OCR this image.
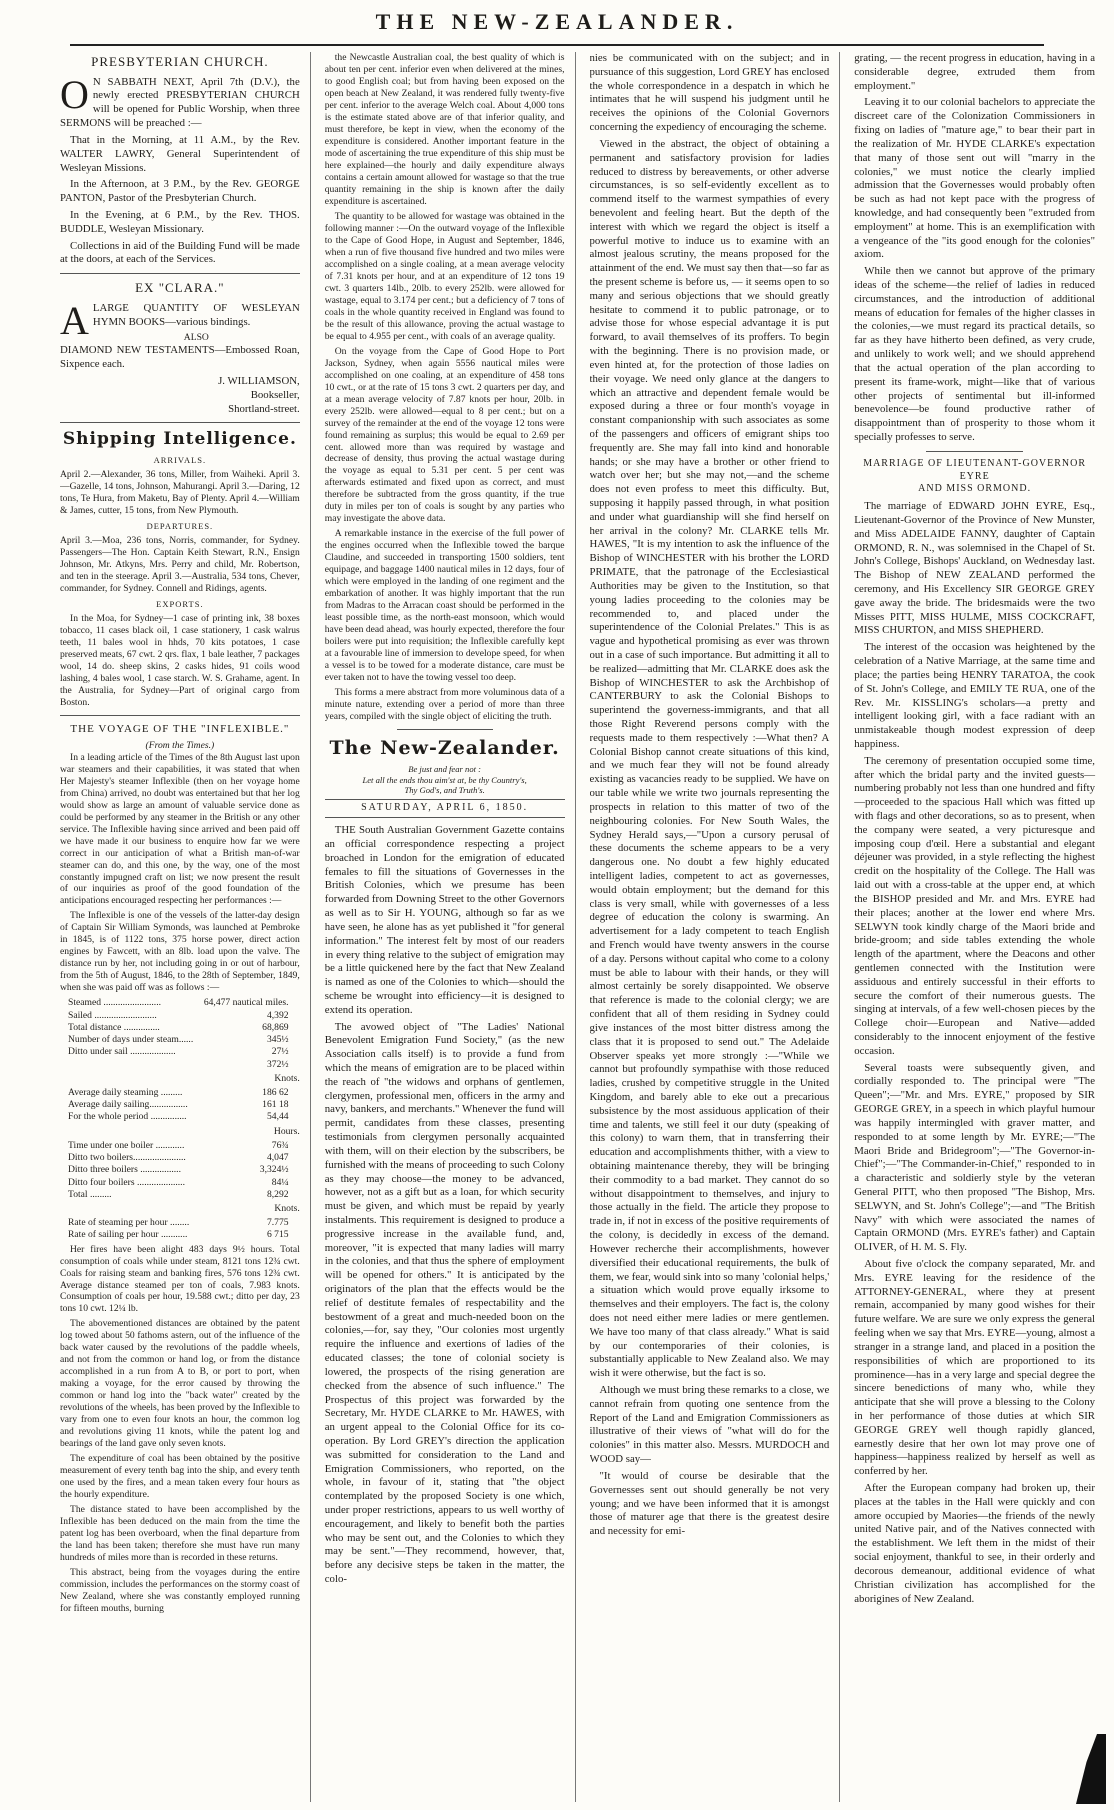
THE NEW-ZEALANDER.
PRESBYTERIAN CHURCH.

O N SABBATH NEXT, April 7th (D.V.), the newly erected PRESBYTERIAN CHURCH will be opened for Public Worship, when three SERMONS will be preached :—

That in the Morning, at 11 A.M., by the Rev. WALTER LAWRY, General Superintendent of Wesleyan Missions.

In the Afternoon, at 3 P.M., by the Rev. GEORGE PANTON, Pastor of the Presbyterian Church.

In the Evening, at 6 P.M., by the Rev. THOS. BUDDLE, Wesleyan Missionary.

Collections in aid of the Building Fund will be made at the doors, at each of the Services.

EX "CLARA."

ALARGE QUANTITY OF WESLEYAN HYMN BOOKS—various bindings.

ALSO

DIAMOND NEW TESTAMENTS—Embossed Roan, Sixpence each.

J. WILLIAMSON,
Bookseller,
Shortland-street.
Shipping Intelligence.
ARRIVALS.

April 2.—Alexander, 36 tons, Miller, from Waiheki. April 3.—Gazelle, 14 tons, Johnson, Mahurangi. April 3.—Daring, 12 tons, Te Hura, from Maketu, Bay of Plenty. April 4.—William & James, cutter, 15 tons, from New Plymouth.

DEPARTURES.

April 3.—Moa, 236 tons, Norris, commander, for Sydney. Passengers—The Hon. Captain Keith Stewart, R.N., Ensign Johnson, Mr. Atkyns, Mrs. Perry and child, Mr. Robertson, and ten in the steerage. April 3.—Australia, 534 tons, Chever, commander, for Sydney. Connell and Ridings, agents.

EXPORTS.

In the Moa, for Sydney—1 case of printing ink, 38 boxes tobacco, 11 cases black oil, 1 case stationery, 1 cask walrus teeth, 11 bales wool in hhds, 70 kits potatoes, 1 case preserved meats, 67 cwt. 2 qrs. flax, 1 bale leather, 7 packages wool, 14 do. sheep skins, 2 casks hides, 91 coils wood lashing, 4 bales wool, 1 case starch. W. S. Grahame, agent. In the Australia, for Sydney—Part of original cargo from Boston.

THE VOYAGE OF THE "INFLEXIBLE."
(From the Times.)

In a leading article of the Times of the 8th August last upon war steamers and their capabilities, it was stated that when Her Majesty's steamer Inflexible (then on her voyage home from China) arrived, no doubt was entertained but that her log would show as large an amount of valuable service done as could be performed by any steamer in the British or any other service. The Inflexible having since arrived and been paid off we have made it our business to enquire how far we were correct in our anticipation of what a British man-of-war steamer can do, and this one, by the way, one of the most constantly impugned craft on list; we now present the result of our inquiries as proof of the good foundation of the anticipations encouraged respecting her performances :—

The Inflexible is one of the vessels of the latter-day design of Captain Sir William Symonds, was launched at Pembroke in 1845, is of 1122 tons, 375 horse power, direct action engines by Fawcett, with an 8lb. load upon the valve. The distance run by her, not including going in or out of harbour, from the 5th of August, 1846, to the 28th of September, 1849, when she was paid off was as follows :—

Steamed ........................	64,477 nautical miles.
Sailed ..........................	4,392
Total distance ...............	68,869
Number of days under steam......	345½
Ditto under sail ...................	27½
	372½
Knots.
Average daily steaming .........	186 62
Average daily sailing................	161 18
For the whole period ...............	54,44
Hours.
Time under one boiler ............	76¾
Ditto two boilers......................	4,047
Ditto three boilers .................	3,324½
Ditto four boilers ....................	84¼
Total .........	8,292
Knots.
Rate of steaming per hour ........	7.775
Rate of sailing per hour ...........	6 715

Her fires have been alight 483 days 9½ hours. Total consumption of coals while under steam, 8121 tons 12¾ cwt. Coals for raising steam and banking fires, 576 tons 12¾ cwt. Average distance steamed per ton of coals, 7.983 knots. Consumption of coals per hour, 19.588 cwt.; ditto per day, 23 tons 10 cwt. 12¼ lb.

The abovementioned distances are obtained by the patent log towed about 50 fathoms astern, out of the influence of the back water caused by the revolutions of the paddle wheels, and not from the common or hand log, or from the distance accomplished in a run from A to B, or port to port, when making a voyage, for the error caused by throwing the common or hand log into the "back water" created by the revolutions of the wheels, has been proved by the Inflexible to vary from one to even four knots an hour, the common log and revolutions giving 11 knots, while the patent log and bearings of the land gave only seven knots.

The expenditure of coal has been obtained by the positive measurement of every tenth bag into the ship, and every tenth one used by the fires, and a mean taken every four hours as the hourly expenditure.

The distance stated to have been accomplished by the Inflexible has been deduced on the main from the time the patent log has been overboard, when the final departure from the land has been taken; therefore she must have run many hundreds of miles more than is recorded in these returns.

This abstract, being from the voyages during the entire commission, includes the performances on the stormy coast of New Zealand, where she was constantly employed running for fifteen mouths, burning

the Newcastle Australian coal, the best quality of which is about ten per cent. inferior even when delivered at the mines, to good English coal; but from having been exposed on the open beach at New Zealand, it was rendered fully twenty-five per cent. inferior to the average Welch coal. About 4,000 tons is the estimate stated above are of that inferior quality, and must therefore, be kept in view, when the economy of the expenditure is considered. Another important feature in the mode of ascertaining the true expenditure of this ship must be here explained—the hourly and daily expenditure always contains a certain amount allowed for wastage so that the true quantity remaining in the ship is known after the daily expenditure is ascertained.

The quantity to be allowed for wastage was obtained in the following manner :—On the outward voyage of the Inflexible to the Cape of Good Hope, in August and September, 1846, when a run of five thousand five hundred and two miles were accomplished on a single coaling, at a mean average velocity of 7.31 knots per hour, and at an expenditure of 12 tons 19 cwt. 3 quarters 14lb., 20lb. to every 252lb. were allowed for wastage, equal to 3.174 per cent.; but a deficiency of 7 tons of coals in the whole quantity received in England was found to be the result of this allowance, proving the actual wastage to be equal to 4.955 per cent., with coals of an average quality.

On the voyage from the Cape of Good Hope to Port Jackson, Sydney, when again 5556 nautical miles were accomplished on one coaling, at an expenditure of 458 tons 10 cwt., or at the rate of 15 tons 3 cwt. 2 quarters per day, and at a mean average velocity of 7.87 knots per hour, 20lb. in every 252lb. were allowed—equal to 8 per cent.; but on a survey of the remainder at the end of the voyage 12 tons were found remaining as surplus; this would be equal to 2.69 per cent. allowed more than was required by wastage and decrease of density, thus proving the actual wastage during the voyage as equal to 5.31 per cent. 5 per cent was afterwards estimated and fixed upon as correct, and must therefore be subtracted from the gross quantity, if the true duty in miles per ton of coals is sought by any parties who may investigate the above data.

A remarkable instance in the exercise of the full power of the engines occurred when the Inflexible towed the barque Claudine, and succeeded in transporting 1500 soldiers, tent equipage, and baggage 1400 nautical miles in 12 days, four of which were employed in the landing of one regiment and the embarkation of another. It was highly important that the run from Madras to the Arracan coast should be performed in the least possible time, as the north-east monsoon, which would have been dead ahead, was hourly expected, therefore the four boilers were put into requisition; the Inflexible carefully kept at a favourable line of immersion to develope speed, for when a vessel is to be towed for a moderate distance, care must be ever taken not to have the towing vessel too deep.

This forms a mere abstract from more voluminous data of a minute nature, extending over a period of more than three years, compiled with the single object of eliciting the truth.

The New-Zealander.
Be just and fear not :
Let all the ends thou aim'st at, be thy Country's,
Thy God's, and Truth's.
SATURDAY, APRIL 6, 1850.

THE South Australian Government Gazette contains an official correspondence respecting a project broached in London for the emigration of educated females to fill the situations of Governesses in the British Colonies, which we presume has been forwarded from Downing Street to the other Governors as well as to Sir H. YOUNG, although so far as we have seen, he alone has as yet published it "for general information." The interest felt by most of our readers in every thing relative to the subject of emigration may be a little quickened here by the fact that New Zealand is named as one of the Colonies to which—should the scheme be wrought into efficiency—it is designed to extend its operation.

The avowed object of "The Ladies' National Benevolent Emigration Fund Society," (as the new Association calls itself) is to provide a fund from which the means of emigration are to be placed within the reach of "the widows and orphans of gentlemen, clergymen, professional men, officers in the army and navy, bankers, and merchants." Whenever the fund will permit, candidates from these classes, presenting testimonials from clergymen personally acquainted with them, will on their election by the subscribers, be furnished with the means of proceeding to such Colony as they may choose—the money to be advanced, however, not as a gift but as a loan, for which security must be given, and which must be repaid by yearly instalments. This requirement is designed to produce a progressive increase in the available fund, and, moreover, "it is expected that many ladies will marry in the colonies, and that thus the sphere of employment will be opened for others." It is anticipated by the originators of the plan that the effects would be the relief of destitute females of respectability and the bestowment of a great and much-needed boon on the colonies,—for, say they, "Our colonies most urgently require the influence and exertions of ladies of the educated classes; the tone of colonial society is lowered, the prospects of the rising generation are checked from the absence of such influence." The Prospectus of this project was forwarded by the Secretary, Mr. HYDE CLARKE to Mr. HAWES, with an urgent appeal to the Colonial Office for its co-operation. By Lord GREY's direction the application was submitted for consideration to the Land and Emigration Commissioners, who reported, on the whole, in favour of it, stating that "the object contemplated by the proposed Society is one which, under proper restrictions, appears to us well worthy of encouragement, and likely to benefit both the parties who may be sent out, and the Colonies to which they may be sent."—They recommend, however, that, before any decisive steps be taken in the matter, the colo-

nies be communicated with on the subject; and in pursuance of this suggestion, Lord GREY has enclosed the whole correspondence in a despatch in which he intimates that he will suspend his judgment until he receives the opinions of the Colonial Governors concerning the expediency of encouraging the scheme.

Viewed in the abstract, the object of obtaining a permanent and satisfactory provision for ladies reduced to distress by bereavements, or other adverse circumstances, is so self-evidently excellent as to commend itself to the warmest sympathies of every benevolent and feeling heart. But the depth of the interest with which we regard the object is itself a powerful motive to induce us to examine with an almost jealous scrutiny, the means proposed for the attainment of the end. We must say then that—so far as the present scheme is before us, — it seems open to so many and serious objections that we should greatly hesitate to commend it to public patronage, or to advise those for whose especial advantage it is put forward, to avail themselves of its proffers. To begin with the beginning. There is no provision made, or even hinted at, for the protection of those ladies on their voyage. We need only glance at the dangers to which an attractive and dependent female would be exposed during a three or four month's voyage in constant companionship with such associates as some of the passengers and officers of emigrant ships too frequently are. She may fall into kind and honorable hands; or she may have a brother or other friend to watch over her; but she may not,—and the scheme does not even profess to meet this difficulty. But, supposing it happily passed through, in what position and under what guardianship will she find herself on her arrival in the colony? Mr. CLARKE tells Mr. HAWES, "It is my intention to ask the influence of the Bishop of WINCHESTER with his brother the LORD PRIMATE, that the patronage of the Ecclesiastical Authorities may be given to the Institution, so that young ladies proceeding to the colonies may be recommended to, and placed under the superintendence of the Colonial Prelates." This is as vague and hypothetical promising as ever was thrown out in a case of such importance. But admitting it all to be realized—admitting that Mr. CLARKE does ask the Bishop of WINCHESTER to ask the Archbishop of CANTERBURY to ask the Colonial Bishops to superintend the governess-immigrants, and that all those Right Reverend persons comply with the requests made to them respectively :—What then? A Colonial Bishop cannot create situations of this kind, and we much fear they will not be found already existing as vacancies ready to be supplied. We have on our table while we write two journals representing the prospects in relation to this matter of two of the neighbouring colonies. For New South Wales, the Sydney Herald says,—"Upon a cursory perusal of these documents the scheme appears to be a very dangerous one. No doubt a few highly educated intelligent ladies, competent to act as governesses, would obtain employment; but the demand for this class is very small, while with governesses of a less degree of education the colony is swarming. An advertisement for a lady competent to teach English and French would have twenty answers in the course of a day. Persons without capital who come to a colony must be able to labour with their hands, or they will almost certainly be sorely disappointed. We observe that reference is made to the colonial clergy; we are confident that all of them residing in Sydney could give instances of the most bitter distress among the class that it is proposed to send out." The Adelaide Observer speaks yet more strongly :—"While we cannot but profoundly sympathise with those reduced ladies, crushed by competitive struggle in the United Kingdom, and barely able to eke out a precarious subsistence by the most assiduous application of their time and talents, we still feel it our duty (speaking of this colony) to warn them, that in transferring their education and accomplishments thither, with a view to obtaining maintenance thereby, they will be bringing their commodity to a bad market. They cannot do so without disappointment to themselves, and injury to those actually in the field. The article they propose to trade in, if not in excess of the positive requirements of the colony, is decidedly in excess of the demand. However recherche their accomplishments, however diversified their educational requirements, the bulk of them, we fear, would sink into so many 'colonial helps,' a situation which would prove equally irksome to themselves and their employers. The fact is, the colony does not need either mere ladies or mere gentlemen. We have too many of that class already." What is said by our contemporaries of their colonies, is substantially applicable to New Zealand also. We may wish it were otherwise, but the fact is so.

Although we must bring these remarks to a close, we cannot refrain from quoting one sentence from the Report of the Land and Emigration Commissioners as illustrative of their views of "what will do for the colonies" in this matter also. Messrs. MURDOCH and WOOD say—

"It would of course be desirable that the Governesses sent out should generally be not very young; and we have been informed that it is amongst those of maturer age that there is the greatest desire and necessity for emi-

grating, — the recent progress in education, having in a considerable degree, extruded them from employment."

Leaving it to our colonial bachelors to appreciate the discreet care of the Colonization Commissioners in fixing on ladies of "mature age," to bear their part in the realization of Mr. HYDE CLARKE's expectation that many of those sent out will "marry in the colonies," we must notice the clearly implied admission that the Governesses would probably often be such as had not kept pace with the progress of knowledge, and had consequently been "extruded from employment" at home. This is an exemplification with a vengeance of the "its good enough for the colonies" axiom.

While then we cannot but approve of the primary ideas of the scheme—the relief of ladies in reduced circumstances, and the introduction of additional means of education for females of the higher classes in the colonies,—we must regard its practical details, so far as they have hitherto been defined, as very crude, and unlikely to work well; and we should apprehend that the actual operation of the plan according to present its frame-work, might—like that of various other projects of sentimental but ill-informed benevolence—be found productive rather of disappointment than of prosperity to those whom it specially professes to serve.

MARRIAGE OF LIEUTENANT-GOVERNOR EYRE
AND MISS ORMOND.

The marriage of EDWARD JOHN EYRE, Esq., Lieutenant-Governor of the Province of New Munster, and Miss ADELAIDE FANNY, daughter of Captain ORMOND, R. N., was solemnised in the Chapel of St. John's College, Bishops' Auckland, on Wednesday last. The Bishop of NEW ZEALAND performed the ceremony, and His Excellency SIR GEORGE GREY gave away the bride. The bridesmaids were the two Misses PITT, MISS HULME, MISS COCKCRAFT, MISS CHURTON, and MISS SHEPHERD.

The interest of the occasion was heightened by the celebration of a Native Marriage, at the same time and place; the parties being HENRY TARATOA, the cook of St. John's College, and EMILY TE RUA, one of the Rev. Mr. KISSLING's scholars—a pretty and intelligent looking girl, with a face radiant with an unmistakeable though modest expression of deep happiness.

The ceremony of presentation occupied some time, after which the bridal party and the invited guests—numbering probably not less than one hundred and fifty—proceeded to the spacious Hall which was fitted up with flags and other decorations, so as to present, when the company were seated, a very picturesque and imposing coup d'œil. Here a substantial and elegant déjeuner was provided, in a style reflecting the highest credit on the hospitality of the College. The Hall was laid out with a cross-table at the upper end, at which the BISHOP presided and Mr. and Mrs. EYRE had their places; another at the lower end where Mrs. SELWYN took kindly charge of the Maori bride and bride-groom; and side tables extending the whole length of the apartment, where the Deacons and other gentlemen connected with the Institution were assiduous and entirely successful in their efforts to secure the comfort of their numerous guests. The singing at intervals, of a few well-chosen pieces by the College choir—European and Native—added considerably to the innocent enjoyment of the festive occasion.

Several toasts were subsequently given, and cordially responded to. The principal were "The Queen";—"Mr. and Mrs. EYRE," proposed by SIR GEORGE GREY, in a speech in which playful humour was happily intermingled with graver matter, and responded to at some length by Mr. EYRE;—"The Maori Bride and Bridegroom";—"The Governor-in-Chief";—"The Commander-in-Chief," responded to in a characteristic and soldierly style by the veteran General PITT, who then proposed "The Bishop, Mrs. SELWYN, and St. John's College";—and "The British Navy" with which were associated the names of Captain ORMOND (Mrs. EYRE's father) and Captain OLIVER, of H. M. S. Fly.

About five o'clock the company separated, Mr. and Mrs. EYRE leaving for the residence of the ATTORNEY-GENERAL, where they at present remain, accompanied by many good wishes for their future welfare. We are sure we only express the general feeling when we say that Mrs. EYRE—young, almost a stranger in a strange land, and placed in a position the responsibilities of which are proportioned to its prominence—has in a very large and special degree the sincere benedictions of many who, while they anticipate that she will prove a blessing to the Colony in her performance of those duties at which SIR GEORGE GREY well though rapidly glanced, earnestly desire that her own lot may prove one of happiness—happiness realized by herself as well as conferred by her.

After the European company had broken up, their places at the tables in the Hall were quickly and con amore occupied by Maories—the friends of the newly united Native pair, and of the Natives connected with the establishment. We left them in the midst of their social enjoyment, thankful to see, in their orderly and decorous demeanour, additional evidence of what Christian civilization has accomplished for the aborigines of New Zealand.
